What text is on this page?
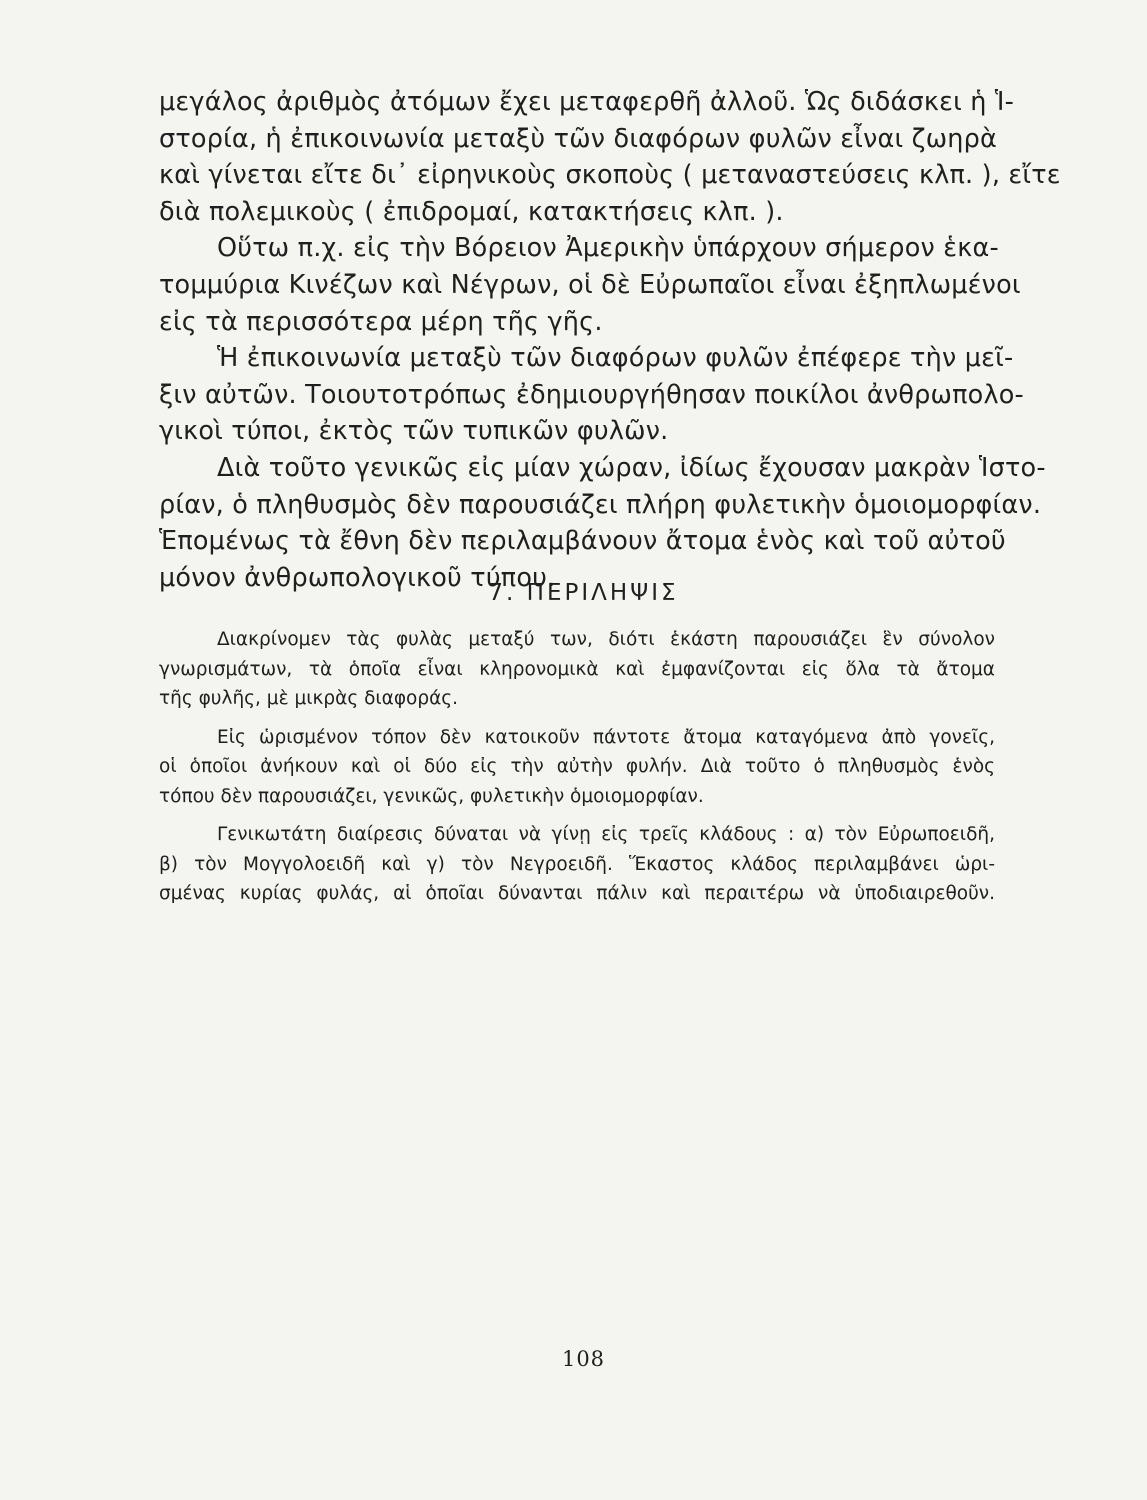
μεγάλος ἀριθμὸς ἀτόμων ἔχει μεταφερθῆ ἀλλοῦ. Ὡς διδάσκει ἡ Ἱ-
στορία, ἡ ἐπικοινωνία μεταξὺ τῶν διαφόρων φυλῶν εἶναι ζωηρὰ
καὶ γίνεται εἴτε δι᾿ εἰρηνικοὺς σκοποὺς ( μεταναστεύσεις κλπ. ), εἴτε
διὰ πολεμικοὺς ( ἐπιδρομαί, κατακτήσεις κλπ. ).
Οὕτω π.χ. εἰς τὴν Βόρειον Ἀμερικὴν ὑπάρχουν σήμερον ἑκα-
τομμύρια Κινέζων καὶ Νέγρων, οἱ δὲ Εὐρωπαῖοι εἶναι ἐξηπλωμένοι
εἰς τὰ περισσότερα μέρη τῆς γῆς.
Ἡ ἐπικοινωνία μεταξὺ τῶν διαφόρων φυλῶν ἐπέφερε τὴν μεῖ-
ξιν αὐτῶν. Τοιουτοτρόπως ἐδημιουργήθησαν ποικίλοι ἀνθρωπολο-
γικοὶ τύποι, ἐκτὸς τῶν τυπικῶν φυλῶν.
Διὰ τοῦτο γενικῶς εἰς μίαν χώραν, ἰδίως ἔχουσαν μακρὰν Ἱστο-
ρίαν, ὁ πληθυσμὸς δὲν παρουσιάζει πλήρη φυλετικὴν ὁμοιομορφίαν.
Ἑπομένως τὰ ἔθνη δὲν περιλαμβάνουν ἄτομα ἑνὸς καὶ τοῦ αὐτοῦ
μόνον ἀνθρωπολογικοῦ τύπου.
7. ΠΕΡΙΛΗΨΙΣ
Διακρίνομεν τὰς φυλὰς μεταξύ των, διότι ἑκάστη παρουσιάζει ἓν σύνολον
γνωρισμάτων, τὰ ὁποῖα εἶναι κληρονομικὰ καὶ ἐμφανίζονται εἰς ὅλα τὰ ἄτομα
τῆς φυλῆς, μὲ μικρὰς διαφοράς.
Εἰς ὡρισμένον τόπον δὲν κατοικοῦν πάντοτε ἄτομα καταγόμενα ἀπὸ γονεῖς,
οἱ ὁποῖοι ἀνήκουν καὶ οἱ δύο εἰς τὴν αὐτὴν φυλήν. Διὰ τοῦτο ὁ πληθυσμὸς ἑνὸς
τόπου δὲν παρουσιάζει, γενικῶς, φυλετικὴν ὁμοιομορφίαν.
Γενικωτάτη διαίρεσις δύναται νὰ γίνῃ εἰς τρεῖς κλάδους : α) τὸν Εὐρωποειδῆ,
β) τὸν Μογγολοειδῆ καὶ γ) τὸν Νεγροειδῆ. Ἕκαστος κλάδος περιλαμβάνει ὡρι-
σμένας κυρίας φυλάς, αἱ ὁποῖαι δύνανται πάλιν καὶ περαιτέρω νὰ ὑποδιαιρεθοῦν.
108
